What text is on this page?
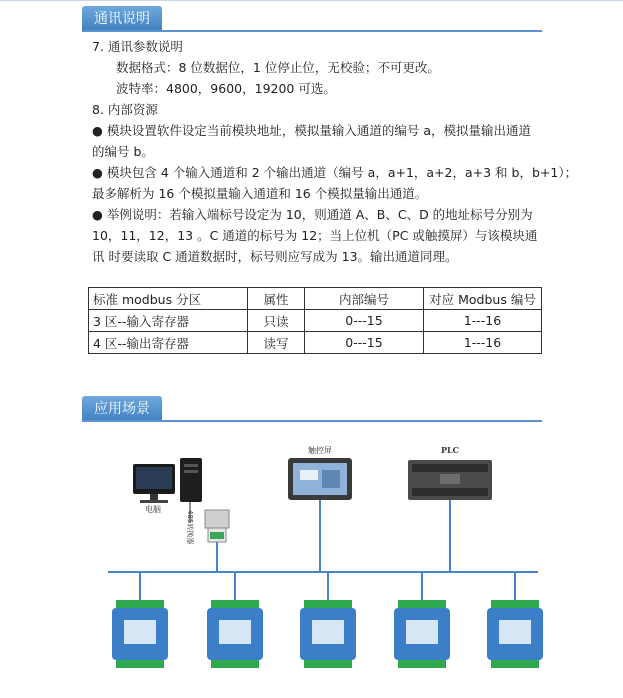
通讯说明
7. 通讯参数说明
数据格式：8 位数据位，1 位停止位，无校验；不可更改。
波特率：4800，9600，19200 可选。
8. 内部资源
● 模块设置软件设定当前模块地址，模拟量输入通道的编号 a，模拟量输出通道
的编号 b。
● 模块包含 4 个输入通道和 2 个输出通道（编号 a，a+1，a+2，a+3 和 b，b+1）；
最多解析为 16 个模拟量输入通道和 16 个模拟量输出通道。
● 举例说明：若输入端标号设定为 10，则通道 A、B、C、D 的地址标号分别为
10，11，12，13 。C 通道的标号为 12；当上位机（PC 或触摸屏）与该模块通
讯 时要读取 C 通道数据时，标号则应写成为 13。输出通道同理。
标准 modbus 分区	属性	内部编号	对应 Modbus 编号
3 区--输入寄存器	只读	0---15	1---16
4 区--输出寄存器	读写	0---15	1---16
应用场景
电脑
485转换器
触控屏	PLC
